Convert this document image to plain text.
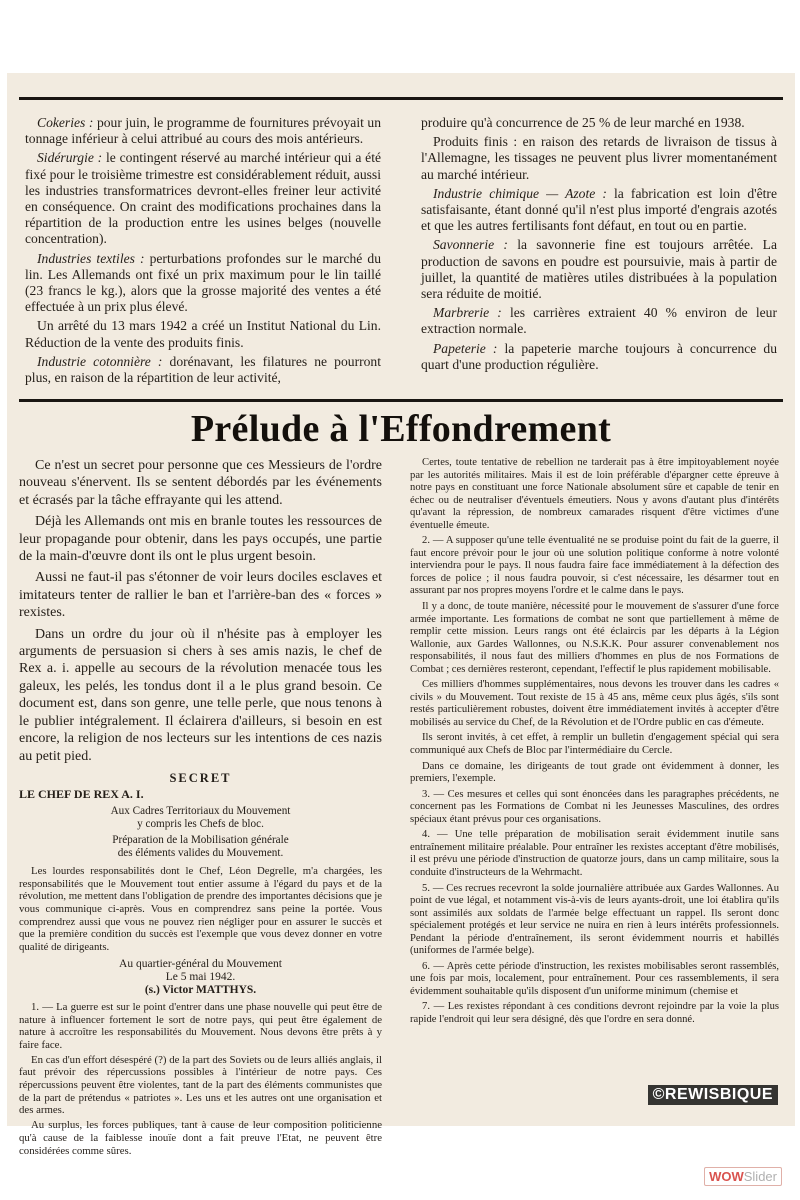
Cokeries : pour juin, le programme de fournitures prévoyait un tonnage inférieur à celui attribué au cours des mois antérieurs.

Sidérurgie : le contingent réservé au marché intérieur qui a été fixé pour le troisième trimestre est considérablement réduit, aussi les industries transformatrices devront-elles freiner leur activité en conséquence. On craint des modifications prochaines dans la répartition de la production entre les usines belges (nouvelle concentration).

Industries textiles : perturbations profondes sur le marché du lin. Les Allemands ont fixé un prix maximum pour le lin taillé (23 francs le kg.), alors que la grosse majorité des ventes a été effectuée à un prix plus élevé.

Un arrêté du 13 mars 1942 a créé un Institut National du Lin. Réduction de la vente des produits finis.

Industrie cotonnière : dorénavant, les filatures ne pourront plus, en raison de la répartition de leur activité,

produire qu'à concurrence de 25 % de leur marché en 1938.

Produits finis : en raison des retards de livraison de tissus à l'Allemagne, les tissages ne peuvent plus livrer momentanément au marché intérieur.

Industrie chimique — Azote : la fabrication est loin d'être satisfaisante, étant donné qu'il n'est plus importé d'engrais azotés et que les autres fertilisants font défaut, en tout ou en partie.

Savonnerie : la savonnerie fine est toujours arrêtée. La production de savons en poudre est poursuivie, mais à partir de juillet, la quantité de matières utiles distribuées à la population sera réduite de moitié.

Marbrerie : les carrières extraient 40 % environ de leur extraction normale.

Papeterie : la papeterie marche toujours à concurrence du quart d'une production régulière.

Prélude à l'Effondrement

Ce n'est un secret pour personne que ces Messieurs de l'ordre nouveau s'énervent. Ils se sentent débordés par les événements et écrasés par la tâche effrayante qui les attend.

Déjà les Allemands ont mis en branle toutes les ressources de leur propagande pour obtenir, dans les pays occupés, une partie de la main-d'œuvre dont ils ont le plus urgent besoin.

Aussi ne faut-il pas s'étonner de voir leurs dociles esclaves et imitateurs tenter de rallier le ban et l'arrière-ban des « forces » rexistes.

Dans un ordre du jour où il n'hésite pas à employer les arguments de persuasion si chers à ses amis nazis, le chef de Rex a. i. appelle au secours de la révolution menacée tous les galeux, les pelés, les tondus dont il a le plus grand besoin. Ce document est, dans son genre, une telle perle, que nous tenons à le publier intégralement. Il éclairera d'ailleurs, si besoin en est encore, la religion de nos lecteurs sur les intentions de ces nazis au petit pied.

SECRET
LE CHEF DE REX A. I.
Aux Cadres Territoriaux du Mouvement
y compris les Chefs de bloc.
Préparation de la Mobilisation générale
des éléments valides du Mouvement.

Les lourdes responsabilités dont le Chef, Léon Degrelle, m'a chargées, les responsabilités que le Mouvement tout entier assume à l'égard du pays et de la révolution, me mettent dans l'obligation de prendre des importantes décisions que je vous communique ci-après. Vous en comprendrez sans peine la portée. Vous comprendrez aussi que vous ne pouvez rien négliger pour en assurer le succès et que la première condition du succès est l'exemple que vous devez donner en votre qualité de dirigeants.

Au quartier-général du Mouvement
Le 5 mai 1942.
(s.) Victor MATTHYS.

1. — La guerre est sur le point d'entrer dans une phase nouvelle qui peut être de nature à influencer fortement le sort de notre pays, qui peut être également de nature à accroître les responsabilités du Mouvement. Nous devons être prêts à y faire face.

En cas d'un effort désespéré (?) de la part des Soviets ou de leurs alliés anglais, il faut prévoir des répercussions possibles à l'intérieur de notre pays. Ces répercussions peuvent être violentes, tant de la part des éléments communistes que de la part de prétendus « patriotes ». Les uns et les autres ont une organisation et des armes.

Au surplus, les forces publiques, tant à cause de leur composition politicienne qu'à cause de la faiblesse inouïe dont a fait preuve l'Etat, ne peuvent être considérées comme sûres.

Certes, toute tentative de rebellion ne tarderait pas à être impitoyablement noyée par les autorités militaires. Mais il est de loin préférable d'épargner cette épreuve à notre pays en constituant une force Nationale absolument sûre et capable de tenir en échec ou de neutraliser d'éventuels émeutiers. Nous y avons d'autant plus d'intérêts qu'avant la répression, de nombreux camarades risquent d'être victimes d'une éventuelle émeute.

2. — A supposer qu'une telle éventualité ne se produise point du fait de la guerre, il faut encore prévoir pour le jour où une solution politique conforme à notre volonté interviendra pour le pays. Il nous faudra faire face immédiatement à la défection des forces de police ; il nous faudra pouvoir, si c'est nécessaire, les désarmer tout en assurant par nos propres moyens l'ordre et le calme dans le pays.

Il y a donc, de toute manière, nécessité pour le mouvement de s'assurer d'une force armée importante. Les formations de combat ne sont que partiellement à même de remplir cette mission. Leurs rangs ont été éclaircis par les départs à la Légion Wallonie, aux Gardes Wallonnes, ou N.S.K.K. Pour assurer convenablement nos responsabilités, il nous faut des milliers d'hommes en plus de nos Formations de Combat ; ces dernières resteront, cependant, l'effectif le plus rapidement mobilisable.

Ces milliers d'hommes supplémentaires, nous devons les trouver dans les cadres « civils » du Mouvement. Tout rexiste de 15 à 45 ans, même ceux plus âgés, s'ils sont restés particulièrement robustes, doivent être immédiatement invités à accepter d'être mobilisés au service du Chef, de la Révolution et de l'Ordre public en cas d'émeute.

Ils seront invités, à cet effet, à remplir un bulletin d'engagement spécial qui sera communiqué aux Chefs de Bloc par l'intermédiaire du Cercle.

Dans ce domaine, les dirigeants de tout grade ont évidemment à donner, les premiers, l'exemple.

3. — Ces mesures et celles qui sont énoncées dans les paragraphes précédents, ne concernent pas les Formations de Combat ni les Jeunesses Masculines, des ordres spéciaux étant prévus pour ces organisations.

4. — Une telle préparation de mobilisation serait évidemment inutile sans entraînement militaire préalable. Pour entraîner les rexistes acceptant d'être mobilisés, il est prévu une période d'instruction de quatorze jours, dans un camp militaire, sous la conduite d'instructeurs de la Wehrmacht.

5. — Ces recrues recevront la solde journalière attribuée aux Gardes Wallonnes. Au point de vue légal, et notamment vis-à-vis de leurs ayants-droit, une loi établira qu'ils sont assimilés aux soldats de l'armée belge effectuant un rappel. Ils seront donc spécialement protégés et leur service ne nuira en rien à leurs intérêts professionnels. Pendant la période d'entraînement, ils seront évidemment nourris et habillés (uniformes de l'armée belge).

6. — Après cette période d'instruction, les rexistes mobilisables seront rassemblés, une fois par mois, localement, pour entraînement. Pour ces rassemblements, il sera évidemment souhaitable qu'ils disposent d'un uniforme minimum (chemise et

7. — Les rexistes répondant à ces conditions devront rejoindre par la voie la plus rapide l'endroit qui leur sera désigné, dès que l'ordre en sera donné.

©REWISBIQUE
WOWSlider
